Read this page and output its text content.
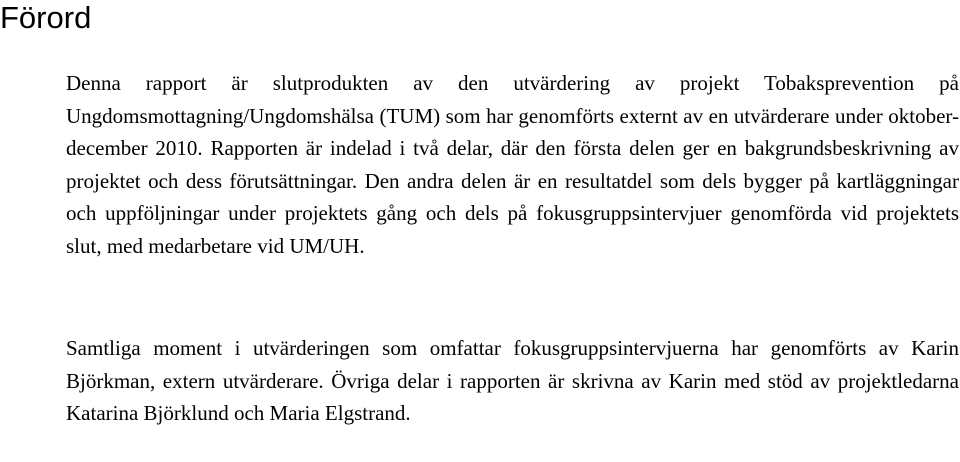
Förord

Denna rapport är slutprodukten av den utvärdering av projekt Tobaksprevention på Ungdomsmottagning/Ungdomshälsa (TUM) som har genomförts externt av en utvärderare under oktober-december 2010. Rapporten är indelad i två delar, där den första delen ger en bakgrundsbeskrivning av projektet och dess förutsättningar. Den andra delen är en resultatdel som dels bygger på kartläggningar och uppföljningar under projektets gång och dels på fokusgruppsintervjuer genomförda vid projektets slut, med medarbetare vid UM/UH.

Samtliga moment i utvärderingen som omfattar fokusgruppsintervjuerna har genomförts av Karin Björkman, extern utvärderare. Övriga delar i rapporten är skrivna av Karin med stöd av projektledarna Katarina Björklund och Maria Elgstrand.
